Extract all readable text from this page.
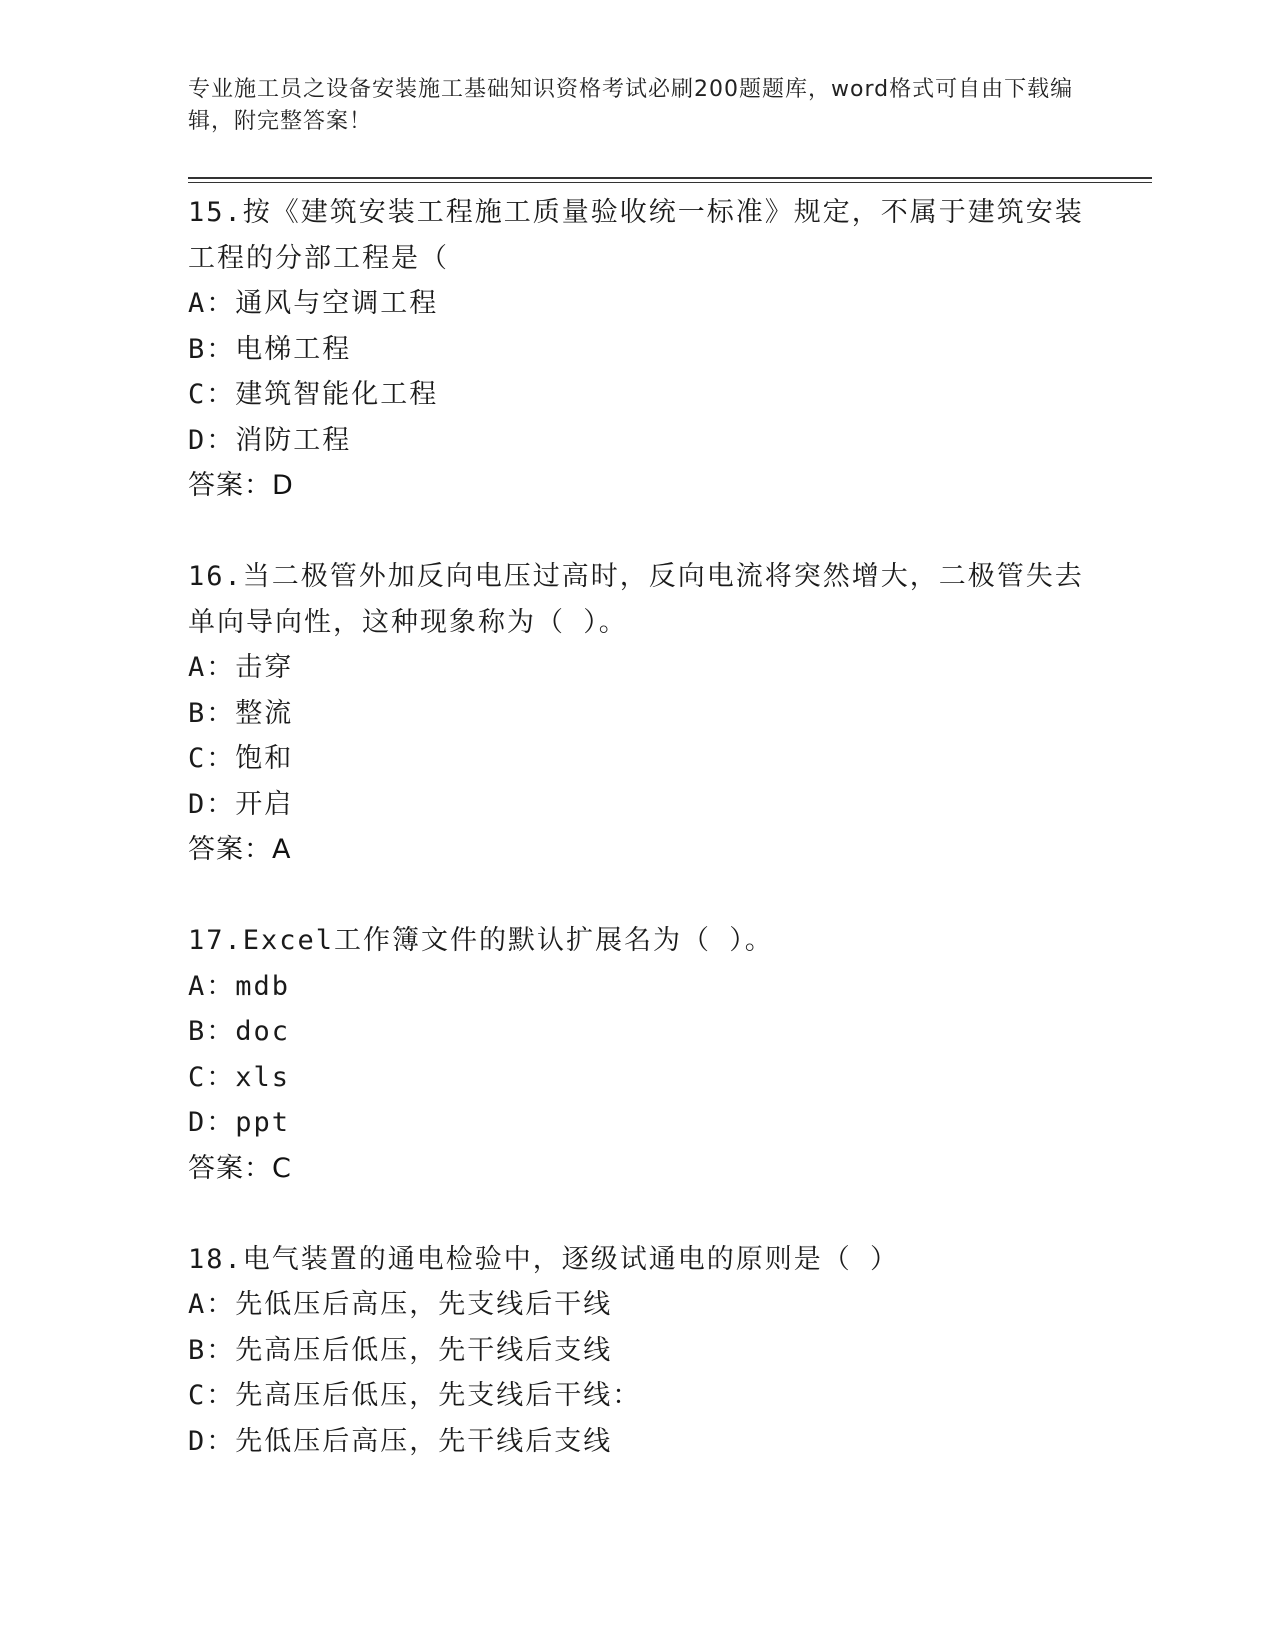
专业施工员之设备安装施工基础知识资格考试必刷200题题库，word格式可自由下载编辑，附完整答案！
15.按《建筑安装工程施工质量验收统一标准》规定，不属于建筑安装工程的分部工程是（
A：通风与空调工程
B：电梯工程
C：建筑智能化工程
D：消防工程
答案：D
16.当二极管外加反向电压过高时，反向电流将突然增大，二极管失去单向导向性，这种现象称为（ ）。
A：击穿
B：整流
C：饱和
D：开启
答案：A
17.Excel工作簿文件的默认扩展名为（ ）。
A：mdb
B：doc
C：xls
D：ppt
答案：C
18.电气装置的通电检验中，逐级试通电的原则是（ ）
A：先低压后高压，先支线后干线
B：先高压后低压，先干线后支线
C：先高压后低压，先支线后干线：
D：先低压后高压，先干线后支线
